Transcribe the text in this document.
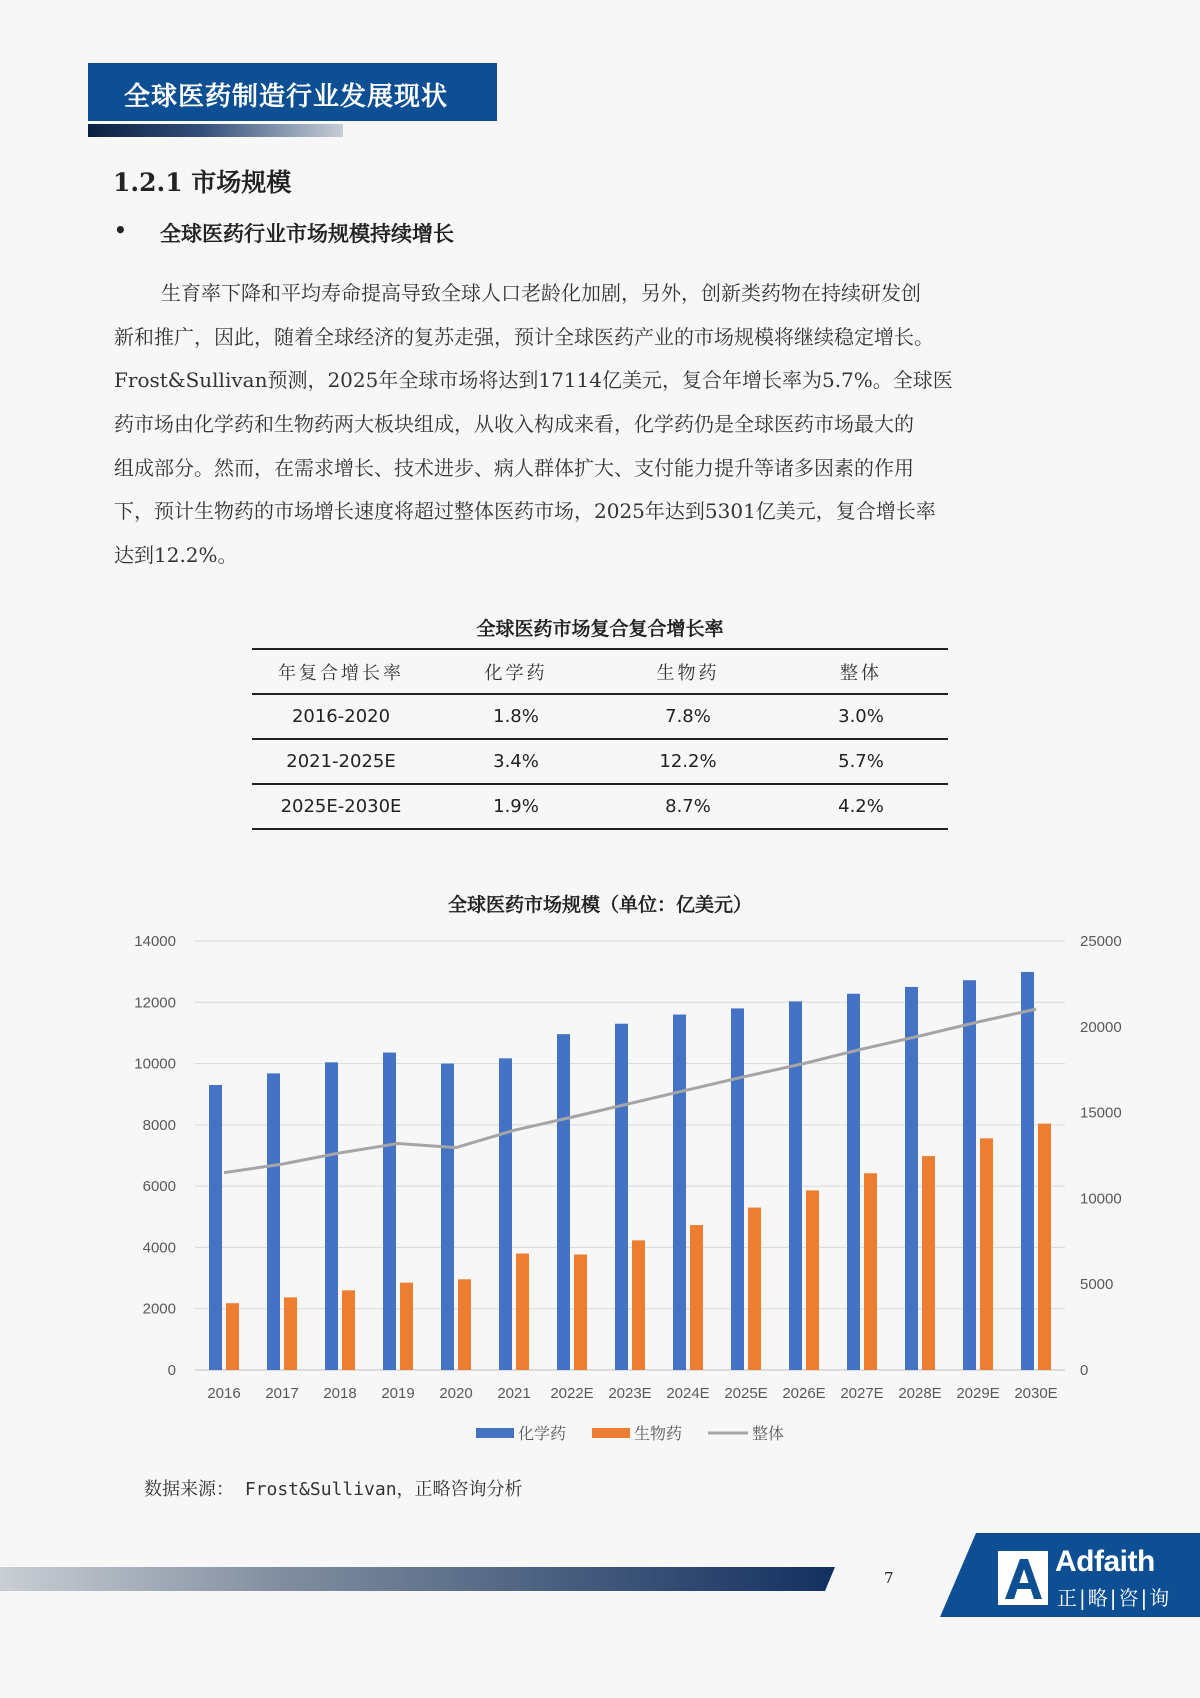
全球医药制造行业发展现状
1.2.1 市场规模
• 全球医药行业市场规模持续增长
生育率下降和平均寿命提高导致全球人口老龄化加剧，另外，创新类药物在持续研发创
新和推广，因此，随着全球经济的复苏走强，预计全球医药产业的市场规模将继续稳定增长。
Frost&Sullivan预测，2025年全球市场将达到17114亿美元，复合年增长率为5.7%。全球医
药市场由化学药和生物药两大板块组成，从收入构成来看，化学药仍是全球医药市场最大的
组成部分。然而，在需求增长、技术进步、病人群体扩大、支付能力提升等诸多因素的作用
下，预计生物药的市场增长速度将超过整体医药市场，2025年达到5301亿美元，复合增长率
达到12.2%。
全球医药市场复合复合增长率
年复合增长率	化学药	生物药	整体
2016-2020	1.8%	7.8%	3.0%
2021-2025E	3.4%	12.2%	5.7%
2025E-2030E	1.9%	8.7%	4.2%
全球医药市场规模（单位：亿美元）
0
2000
4000
6000
8000
10000
12000
14000
0
5000
10000
15000
20000
25000
2016 2017 2018 2019 2020 2021 2022E 2023E 2024E 2025E 2026E 2027E 2028E 2029E 2030E
化学药	生物药	整体
数据来源： Frost&Sullivan，正略咨询分析
7	Adfaith
正|略|咨|询
